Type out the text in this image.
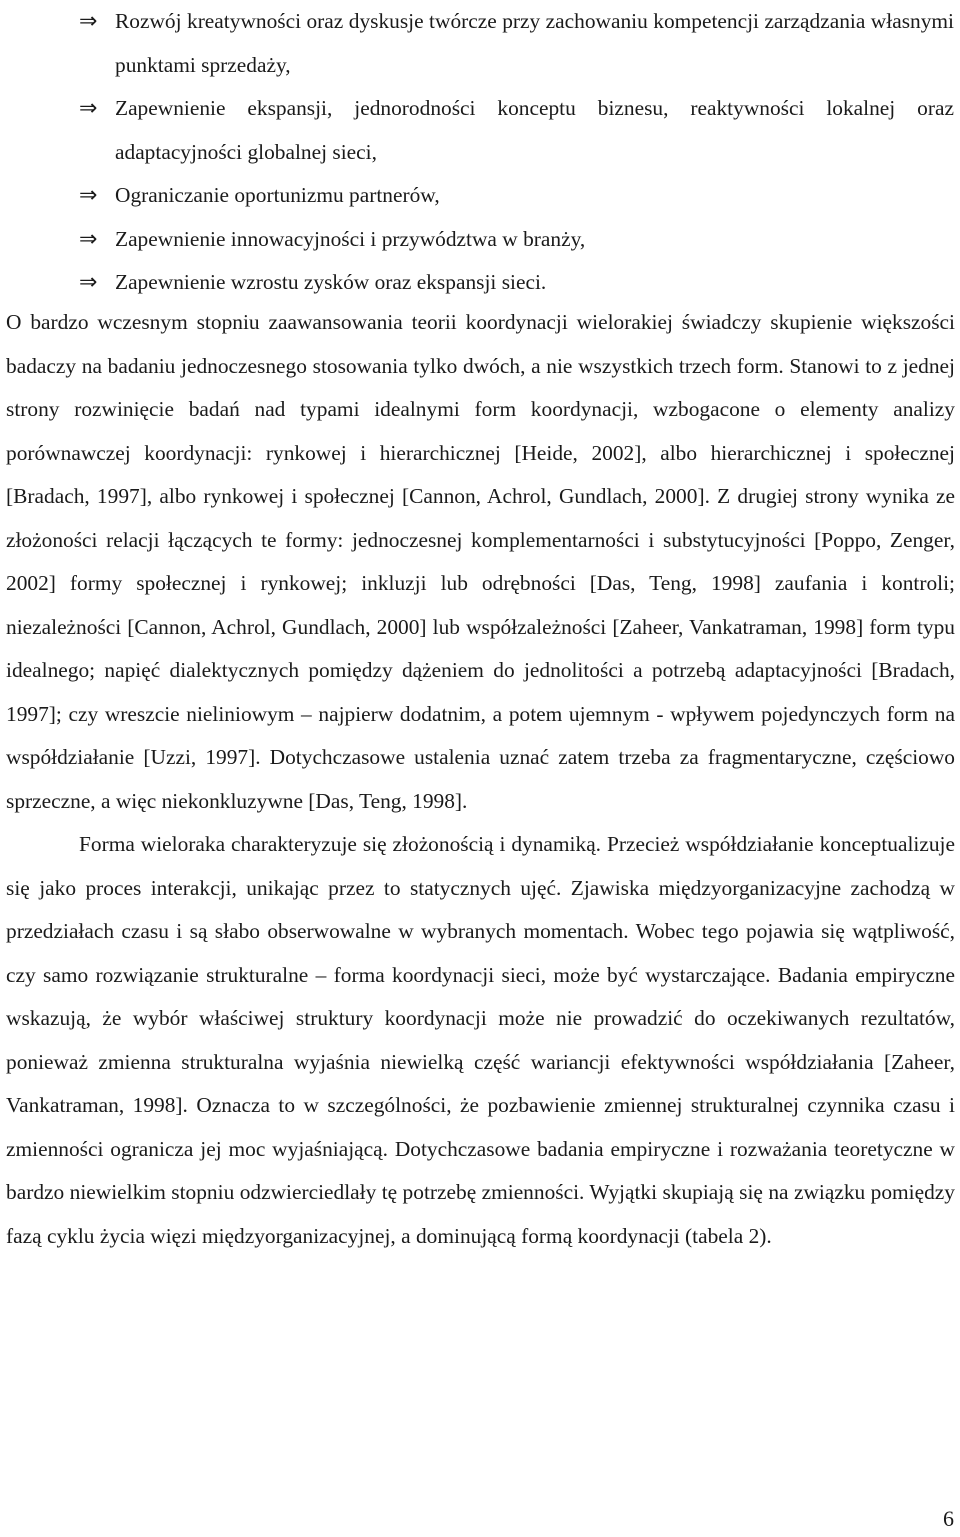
⇒ Rozwój kreatywności oraz dyskusje twórcze przy zachowaniu kompetencji zarządzania własnymi punktami sprzedaży,
⇒ Zapewnienie ekspansji, jednorodności konceptu biznesu, reaktywności lokalnej oraz adaptacyjności globalnej sieci,
⇒ Ograniczanie oportunizmu partnerów,
⇒ Zapewnienie innowacyjności i przywództwa w branży,
⇒ Zapewnienie wzrostu zysków oraz ekspansji sieci.

O bardzo wczesnym stopniu zaawansowania teorii koordynacji wielorakiej świadczy skupienie większości badaczy na badaniu jednoczesnego stosowania tylko dwóch, a nie wszystkich trzech form. Stanowi to z jednej strony rozwinięcie badań nad typami idealnymi form koordynacji, wzbogacone o elementy analizy porównawczej koordynacji: rynkowej i hierarchicznej [Heide, 2002], albo hierarchicznej i społecznej [Bradach, 1997], albo rynkowej i społecznej [Cannon, Achrol, Gundlach, 2000]. Z drugiej strony wynika ze złożoności relacji łączących te formy: jednoczesnej komplementarności i substytucyjności [Poppo, Zenger, 2002] formy społecznej i rynkowej; inkluzji lub odrębności [Das, Teng, 1998] zaufania i kontroli; niezależności [Cannon, Achrol, Gundlach, 2000] lub współzależności [Zaheer, Vankatraman, 1998] form typu idealnego; napięć dialektycznych pomiędzy dążeniem do jednolitości a potrzebą adaptacyjności [Bradach, 1997]; czy wreszcie nieliniowym – najpierw dodatnim, a potem ujemnym - wpływem pojedynczych form na współdziałanie [Uzzi, 1997]. Dotychczasowe ustalenia uznać zatem trzeba za fragmentaryczne, częściowo sprzeczne, a więc niekonkluzywne [Das, Teng, 1998].

Forma wieloraka charakteryzuje się złożonością i dynamiką. Przecież współdziałanie konceptualizuje się jako proces interakcji, unikając przez to statycznych ujęć. Zjawiska międzyorganizacyjne zachodzą w przedziałach czasu i są słabo obserwowalne w wybranych momentach. Wobec tego pojawia się wątpliwość, czy samo rozwiązanie strukturalne – forma koordynacji sieci, może być wystarczające. Badania empiryczne wskazują, że wybór właściwej struktury koordynacji może nie prowadzić do oczekiwanych rezultatów, ponieważ zmienna strukturalna wyjaśnia niewielką część wariancji efektywności współdziałania [Zaheer, Vankatraman, 1998]. Oznacza to w szczególności, że pozbawienie zmiennej strukturalnej czynnika czasu i zmienności ogranicza jej moc wyjaśniającą. Dotychczasowe badania empiryczne i rozważania teoretyczne w bardzo niewielkim stopniu odzwierciedlały tę potrzebę zmienności. Wyjątki skupiają się na związku pomiędzy fazą cyklu życia więzi międzyorganizacyjnej, a dominującą formą koordynacji (tabela 2).

6
